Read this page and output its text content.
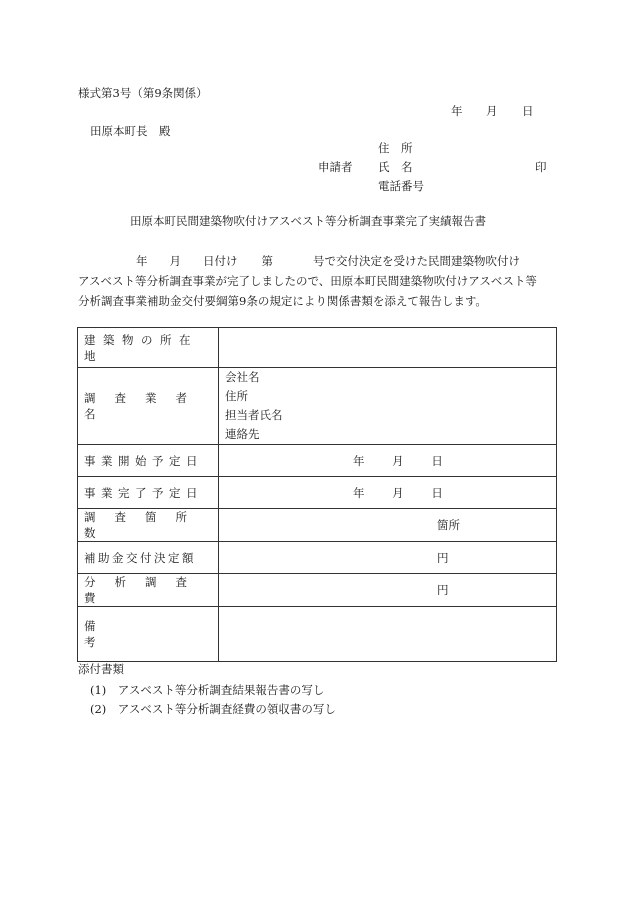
様式第3号（第9条関係）
年 月 日
田原本町長　殿
住　所
申請者 氏　名	印
電話番号
田原本町民間建築物吹付けアスベスト等分析調査事業完了実績報告書
年 月 日付け 第	号で交付決定を受けた民間建築物吹付け
アスベスト等分析調査事業が完了しましたので、田原本町民間建築物吹付けアスベスト等
分析調査事業補助金交付要綱第9条の規定により関係書類を添えて報告します。
建築物の所在地	
調査業者名	会社名
住所
担当者氏名
連絡先

事業開始予定日	年 月 日
事業完了予定日	年 月 日
調査箇所数	箇所
補助金交付決定額	円
分析調査費	円
備考	
添付書類
(1)　アスベスト等分析調査結果報告書の写し
(2)　アスベスト等分析調査経費の領収書の写し
